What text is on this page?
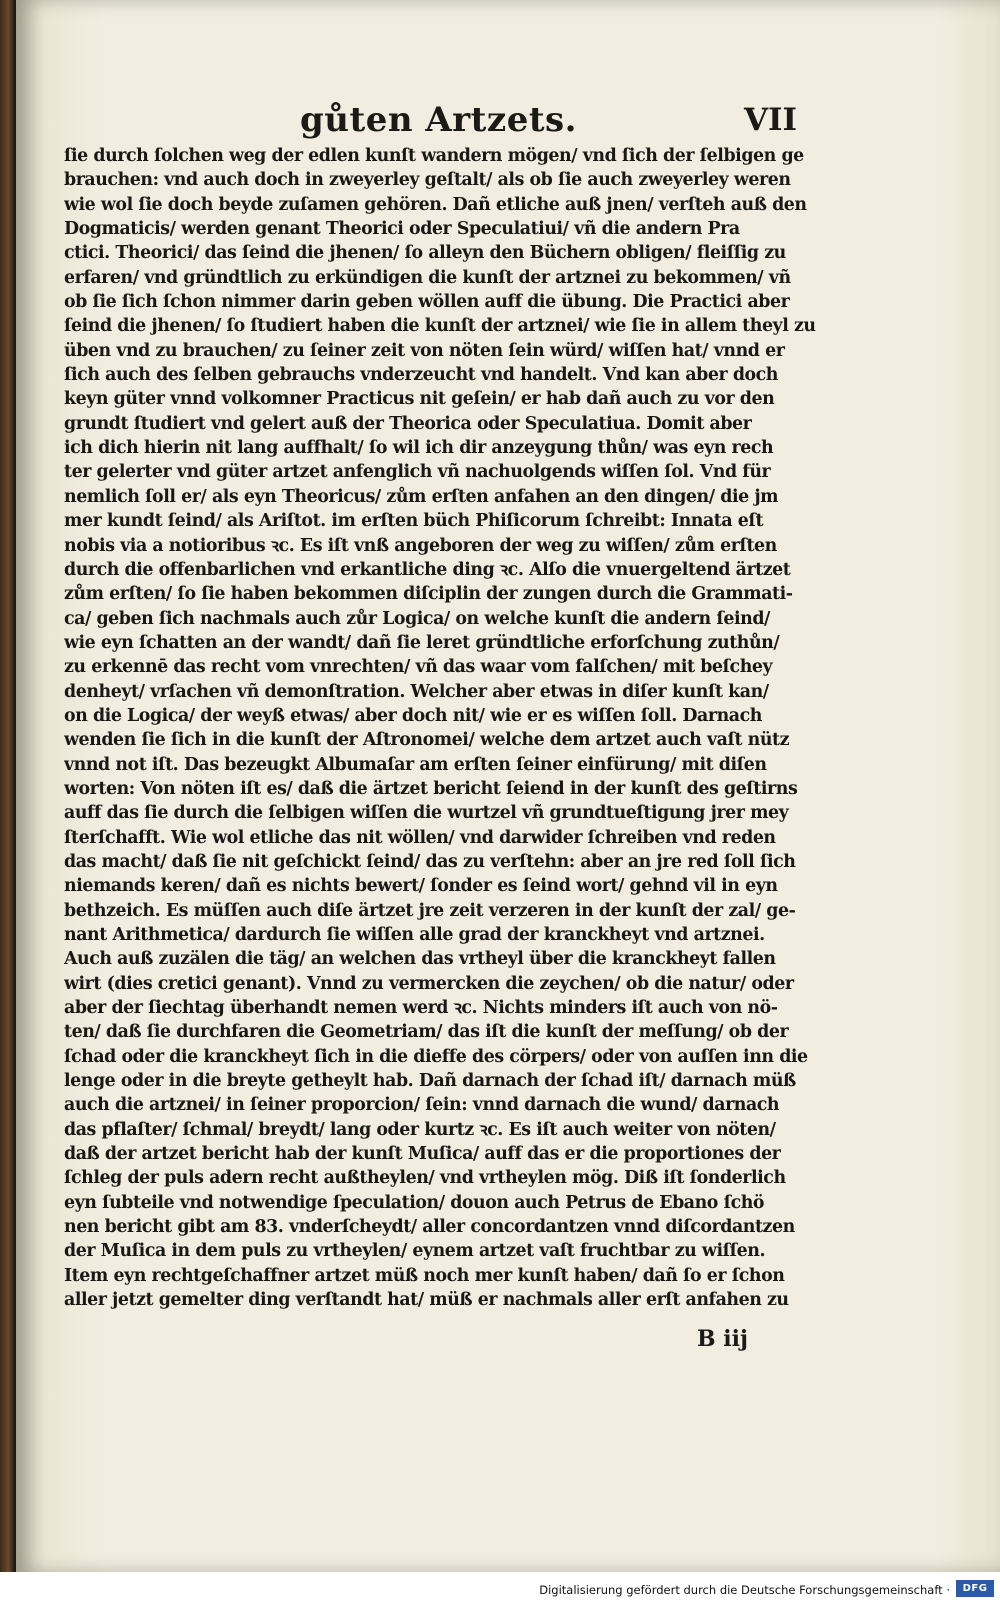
gůten Artzets.	VII
ſie durch ſolchen weg der edlen kunſt wandern mögen/ vnd ſich der ſelbigen ge
brauchen: vnd auch doch in zweyerley geſtalt/ als ob ſie auch zweyerley weren
wie wol ſie doch beyde zuſamen gehören. Dañ etliche auß jnen/ verſteh auß den
Dogmaticis/ werden genant Theorici oder Speculatiui/ vñ die andern Pra
ctici. Theorici/ das ſeind die jhenen/ ſo alleyn den Büchern obligen/ fleiſſig zu
erfaren/ vnd gründtlich zu erkündigen die kunſt der artznei zu bekommen/ vñ
ob ſie ſich ſchon nimmer darin geben wöllen auff die übung. Die Practici aber
ſeind die jhenen/ ſo ſtudiert haben die kunſt der artznei/ wie ſie in allem theyl zu
üben vnd zu brauchen/ zu ſeiner zeit von nöten ſein würd/ wiſſen hat/ vnnd er
ſich auch des ſelben gebrauchs vnderzeucht vnd handelt. Vnd kan aber doch
keyn güter vnnd volkomner Practicus nit geſein/ er hab dañ auch zu vor den
grundt ſtudiert vnd gelert auß der Theorica oder Speculatiua. Domit aber
ich dich hierin nit lang auffhalt/ ſo wil ich dir anzeygung thůn/ was eyn rech
ter gelerter vnd güter artzet anfenglich vñ nachuolgends wiſſen ſol. Vnd für
nemlich ſoll er/ als eyn Theoricus/ zům erſten anfahen an den dingen/ die jm
mer kundt ſeind/ als Ariſtot. im erſten büch Phiſicorum ſchreibt: Innata eſt
nobis via a notioribus ꝛc. Es iſt vnß angeboren der weg zu wiſſen/ zům erſten
durch die offenbarlichen vnd erkantliche ding ꝛc. Alſo die vnuergeltend ärtzet
zům erſten/ ſo ſie haben bekommen diſciplin der zungen durch die Grammati-
ca/ geben ſich nachmals auch zůr Logica/ on welche kunſt die andern ſeind/
wie eyn ſchatten an der wandt/ dañ ſie leret gründtliche erforſchung zuthůn/
zu erkennē das recht vom vnrechten/ vñ das waar vom falſchen/ mit beſchey
denheyt/ vrſachen vñ demonſtration. Welcher aber etwas in diſer kunſt kan/
on die Logica/ der weyß etwas/ aber doch nit/ wie er es wiſſen ſoll. Darnach
wenden ſie ſich in die kunſt der Aſtronomei/ welche dem artzet auch vaſt nütz
vnnd not iſt. Das bezeugkt Albumaſar am erſten ſeiner einfürung/ mit diſen
worten: Von nöten iſt es/ daß die ärtzet bericht ſeiend in der kunſt des geſtirns
auff das ſie durch die ſelbigen wiſſen die wurtzel vñ grundtueſtigung jrer mey
ſterſchafft. Wie wol etliche das nit wöllen/ vnd darwider ſchreiben vnd reden
das macht/ daß ſie nit geſchickt ſeind/ das zu verſtehn: aber an jre red ſoll ſich
niemands keren/ dañ es nichts bewert/ ſonder es ſeind wort/ gehnd vil in eyn
bethzeich. Es müſſen auch diſe ärtzet jre zeit verzeren in der kunſt der zal/ ge-
nant Arithmetica/ dardurch ſie wiſſen alle grad der kranckheyt vnd artznei.
Auch auß zuzälen die täg/ an welchen das vrtheyl über die kranckheyt fallen
wirt (dies cretici genant). Vnnd zu vermercken die zeychen/ ob die natur/ oder
aber der ſiechtag überhandt nemen werd ꝛc. Nichts minders iſt auch von nö-
ten/ daß ſie durchfaren die Geometriam/ das iſt die kunſt der meſſung/ ob der
ſchad oder die kranckheyt ſich in die dieffe des cörpers/ oder von auſſen inn die
lenge oder in die breyte getheylt hab. Dañ darnach der ſchad iſt/ darnach müß
auch die artznei/ in ſeiner proporcion/ ſein: vnnd darnach die wund/ darnach
das pflaſter/ ſchmal/ breydt/ lang oder kurtz ꝛc. Es iſt auch weiter von nöten/
daß der artzet bericht hab der kunſt Muſica/ auff das er die proportiones der
ſchleg der puls adern recht außtheylen/ vnd vrtheylen mög. Diß iſt ſonderlich
eyn ſubteile vnd notwendige ſpeculation/ douon auch Petrus de Ebano ſchö
nen bericht gibt am 83. vnderſcheydt/ aller concordantzen vnnd diſcordantzen
der Muſica in dem puls zu vrtheylen/ eynem artzet vaſt fruchtbar zu wiſſen.
Item eyn rechtgeſchaffner artzet müß noch mer kunſt haben/ dañ ſo er ſchon
aller jetzt gemelter ding verſtandt hat/ müß er nachmals aller erſt anfahen zu
B iij
Digitalisierung gefördert durch die Deutsche Forschungsgemeinschaft ·	DFG
